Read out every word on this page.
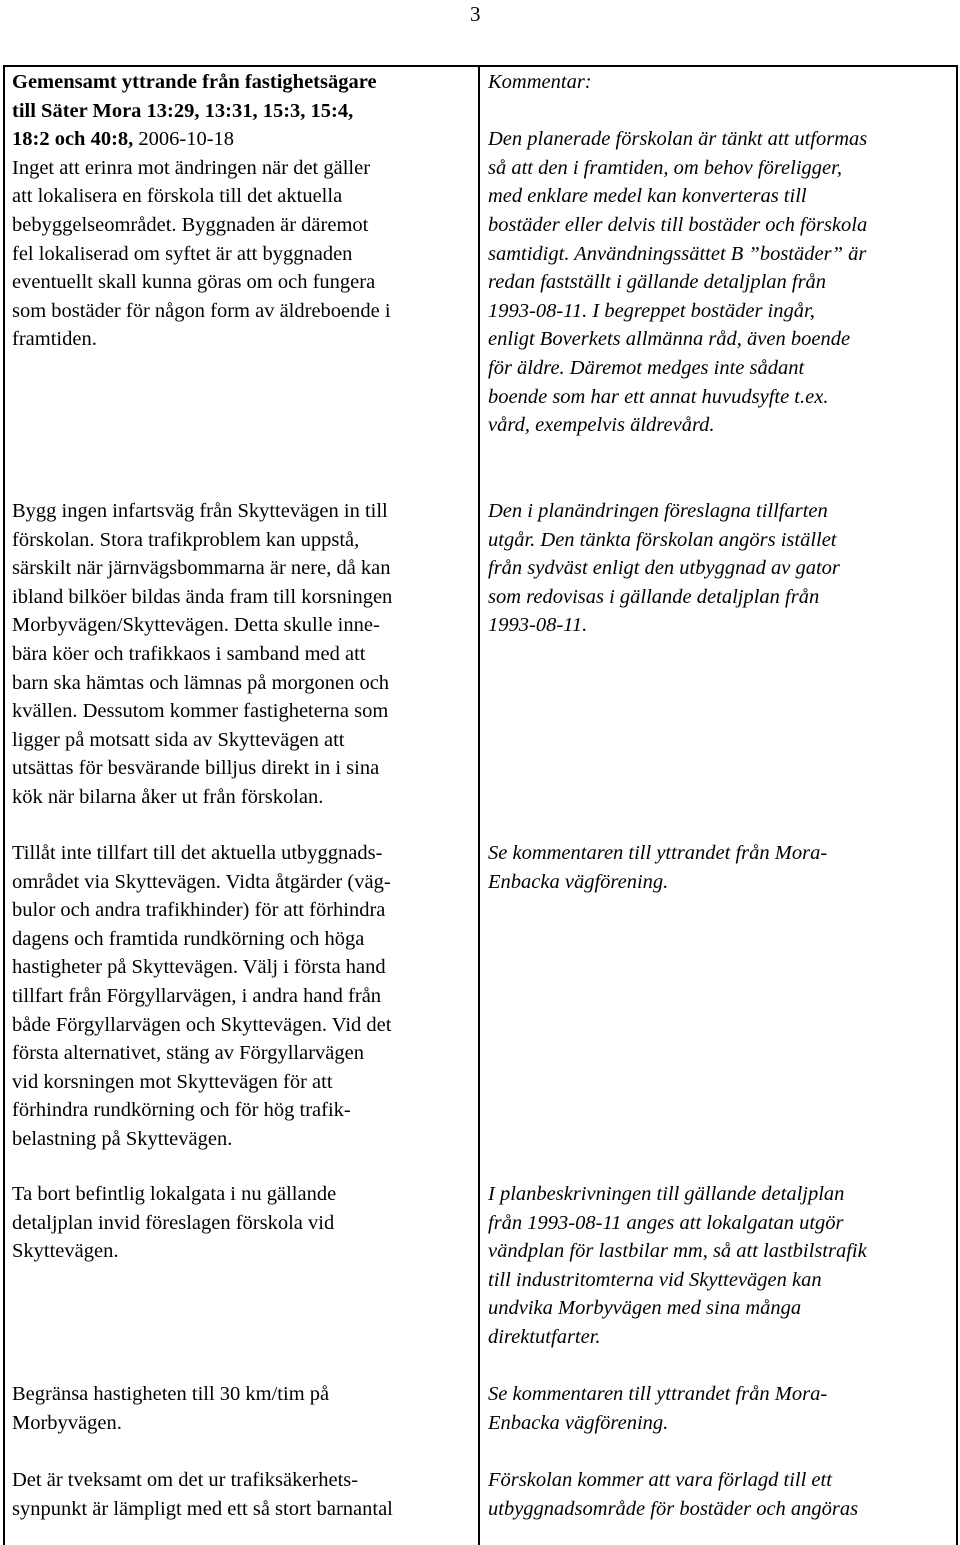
3
Gemensamt yttrande från fastighetsägare
till Säter Mora 13:29, 13:31, 15:3, 15:4,
18:2 och 40:8, 2006-10-18
Inget att erinra mot ändringen när det gäller
att lokalisera en förskola till det aktuella
bebyggelseområdet. Byggnaden är däremot
fel lokaliserad om syftet är att byggnaden
eventuellt skall kunna göras om och fungera
som bostäder för någon form av äldreboende i
framtiden.
Kommentar:

Den planerade förskolan är tänkt att utformas
så att den i framtiden, om behov föreligger,
med enklare medel kan konverteras till
bostäder eller delvis till bostäder och förskola
samtidigt. Användningssättet B ”bostäder” är
redan fastställt i gällande detaljplan från
1993-08-11. I begreppet bostäder ingår,
enligt Boverkets allmänna råd, även boende
för äldre. Däremot medges inte sådant
boende som har ett annat huvudsyfte t.ex.
vård, exempelvis äldrevård.
Bygg ingen infartsväg från Skyttevägen in till
förskolan. Stora trafikproblem kan uppstå,
särskilt när järnvägsbommarna är nere, då kan
ibland bilköer bildas ända fram till korsningen
Morbyvägen/Skyttevägen. Detta skulle inne-
bära köer och trafikkaos i samband med att
barn ska hämtas och lämnas på morgonen och
kvällen. Dessutom kommer fastigheterna som
ligger på motsatt sida av Skyttevägen att
utsättas för besvärande billjus direkt in i sina
kök när bilarna åker ut från förskolan.
Den i planändringen föreslagna tillfarten
utgår. Den tänkta förskolan angörs istället
från sydväst enligt den utbyggnad av gator
som redovisas i gällande detaljplan från
1993-08-11.
Tillåt inte tillfart till det aktuella utbyggnads-
området via Skyttevägen. Vidta åtgärder (väg-
bulor och andra trafikhinder) för att förhindra
dagens och framtida rundkörning och höga
hastigheter på Skyttevägen. Välj i första hand
tillfart från Förgyllarvägen, i andra hand från
både Förgyllarvägen och Skyttevägen. Vid det
första alternativet, stäng av Förgyllarvägen
vid korsningen mot Skyttevägen för att
förhindra rundkörning och för hög trafik-
belastning på Skyttevägen.
Se kommentaren till yttrandet från Mora-
Enbacka vägförening.
Ta bort befintlig lokalgata i nu gällande
detaljplan invid föreslagen förskola vid
Skyttevägen.
I planbeskrivningen till gällande detaljplan
från 1993-08-11 anges att lokalgatan utgör
vändplan för lastbilar mm, så att lastbilstrafik
till industritomterna vid Skyttevägen kan
undvika Morbyvägen med sina många
direktutfarter.
Begränsa hastigheten till 30 km/tim på
Morbyvägen.
Se kommentaren till yttrandet från Mora-
Enbacka vägförening.
Det är tveksamt om det ur trafiksäkerhets-
synpunkt är lämpligt med ett så stort barnantal
Förskolan kommer att vara förlagd till ett
utbyggnadsområde för bostäder och angöras
